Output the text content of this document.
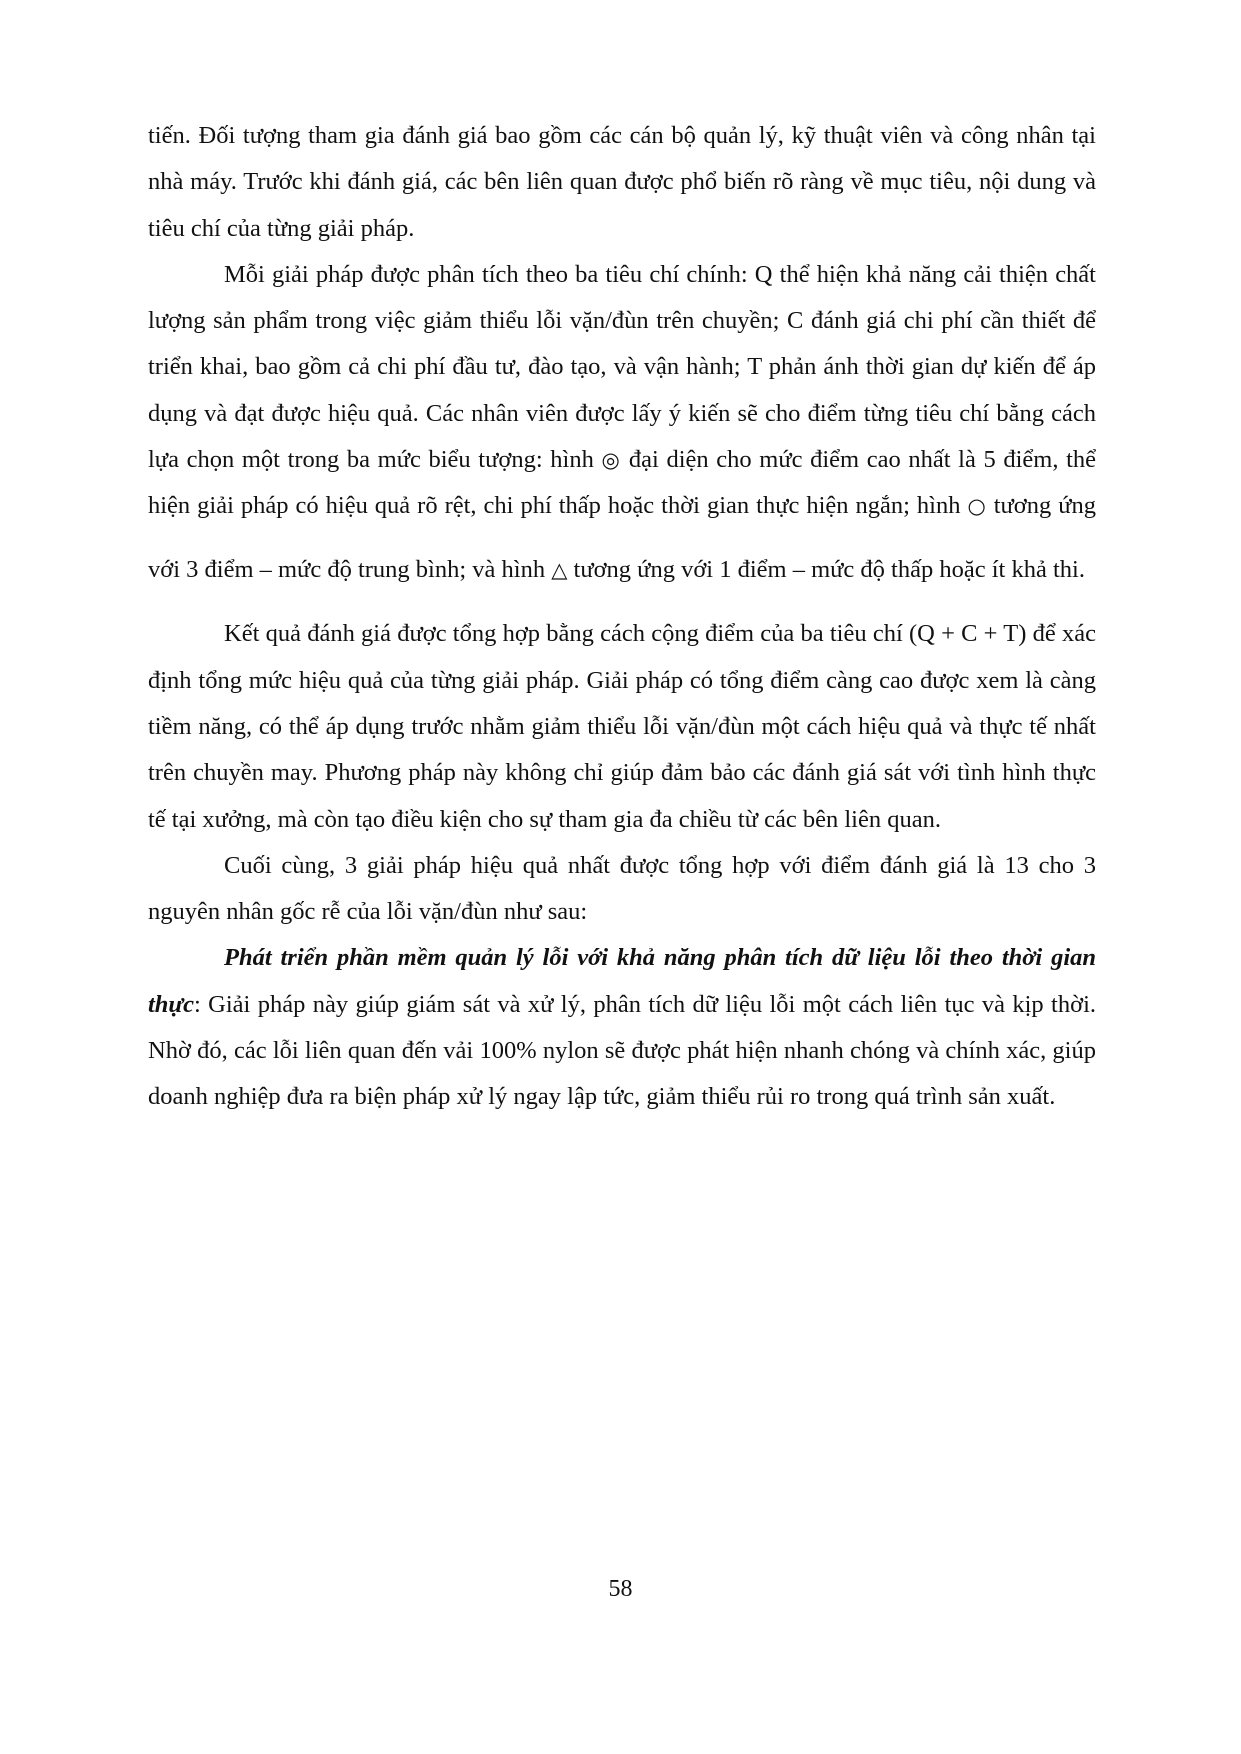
tiến. Đối tượng tham gia đánh giá bao gồm các cán bộ quản lý, kỹ thuật viên và công nhân tại nhà máy. Trước khi đánh giá, các bên liên quan được phổ biến rõ ràng về mục tiêu, nội dung và tiêu chí của từng giải pháp.

Mỗi giải pháp được phân tích theo ba tiêu chí chính: Q thể hiện khả năng cải thiện chất lượng sản phẩm trong việc giảm thiểu lỗi vặn/đùn trên chuyền; C đánh giá chi phí cần thiết để triển khai, bao gồm cả chi phí đầu tư, đào tạo, và vận hành; T phản ánh thời gian dự kiến để áp dụng và đạt được hiệu quả. Các nhân viên được lấy ý kiến sẽ cho điểm từng tiêu chí bằng cách lựa chọn một trong ba mức biểu tượng: hình ◎ đại diện cho mức điểm cao nhất là 5 điểm, thể hiện giải pháp có hiệu quả rõ rệt, chi phí thấp hoặc thời gian thực hiện ngắn; hình ○ tương ứng với 3 điểm – mức độ trung bình; và hình △ tương ứng với 1 điểm – mức độ thấp hoặc ít khả thi.

Kết quả đánh giá được tổng hợp bằng cách cộng điểm của ba tiêu chí (Q + C + T) để xác định tổng mức hiệu quả của từng giải pháp. Giải pháp có tổng điểm càng cao được xem là càng tiềm năng, có thể áp dụng trước nhằm giảm thiểu lỗi vặn/đùn một cách hiệu quả và thực tế nhất trên chuyền may. Phương pháp này không chỉ giúp đảm bảo các đánh giá sát với tình hình thực tế tại xưởng, mà còn tạo điều kiện cho sự tham gia đa chiều từ các bên liên quan.

Cuối cùng, 3 giải pháp hiệu quả nhất được tổng hợp với điểm đánh giá là 13 cho 3 nguyên nhân gốc rễ của lỗi vặn/đùn như sau:

Phát triển phần mềm quản lý lỗi với khả năng phân tích dữ liệu lỗi theo thời gian thực: Giải pháp này giúp giám sát và xử lý, phân tích dữ liệu lỗi một cách liên tục và kịp thời. Nhờ đó, các lỗi liên quan đến vải 100% nylon sẽ được phát hiện nhanh chóng và chính xác, giúp doanh nghiệp đưa ra biện pháp xử lý ngay lập tức, giảm thiểu rủi ro trong quá trình sản xuất.

58
